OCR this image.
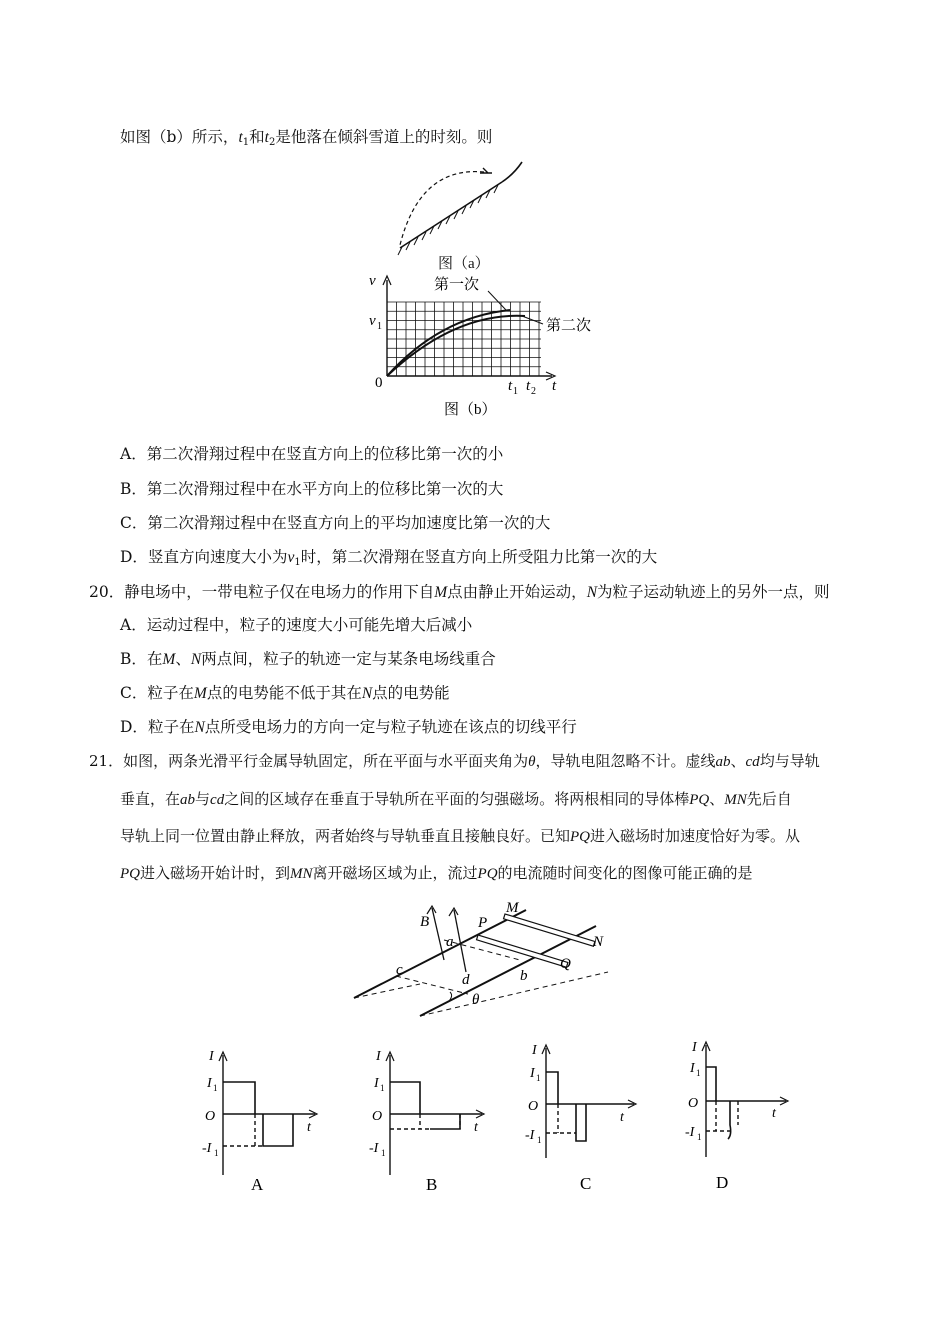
如图（b）所示，$t_1$和$t_2$是他落在倾斜雪道上的时刻。则
图（a）
v
v 1
0	t
t 1 t 2
第一次
第二次
图（b）
A．第二次滑翔过程中在竖直方向上的位移比第一次的小
B．第二次滑翔过程中在水平方向上的位移比第一次的大
C．第二次滑翔过程中在竖直方向上的平均加速度比第一次的大
D．竖直方向速度大小为$v_1$时，第二次滑翔在竖直方向上所受阻力比第一次的大
20．静电场中，一带电粒子仅在电场力的作用下自M点由静止开始运动，N为粒子运动轨迹上的另外一点，则
A．运动过程中，粒子的速度大小可能先增大后减小
B．在M、N两点间，粒子的轨迹一定与某条电场线重合
C．粒子在M点的电势能不低于其在N点的电势能
D．粒子在N点所受电场力的方向一定与粒子轨迹在该点的切线平行
21．如图，两条光滑平行金属导轨固定，所在平面与水平面夹角为θ，导轨电阻忽略不计。虚线ab、cd均与导轨
垂直，在ab与cd之间的区域存在垂直于导轨所在平面的匀强磁场。将两根相同的导体棒PQ、MN先后自
导轨上同一位置由静止释放，两者始终与导轨垂直且接触良好。已知PQ进入磁场时加速度恰好为零。从
PQ进入磁场开始计时，到MN离开磁场区域为止，流过PQ的电流随时间变化的图像可能正确的是
B
a
b
c
d
P
Q
M
N
θ
I
I 1
O
t
-I 1
A
I
I 1
O
t
-I 1
B
I
I 1
O
t
-I 1
C
I
I 1
O
t
-I 1
D
